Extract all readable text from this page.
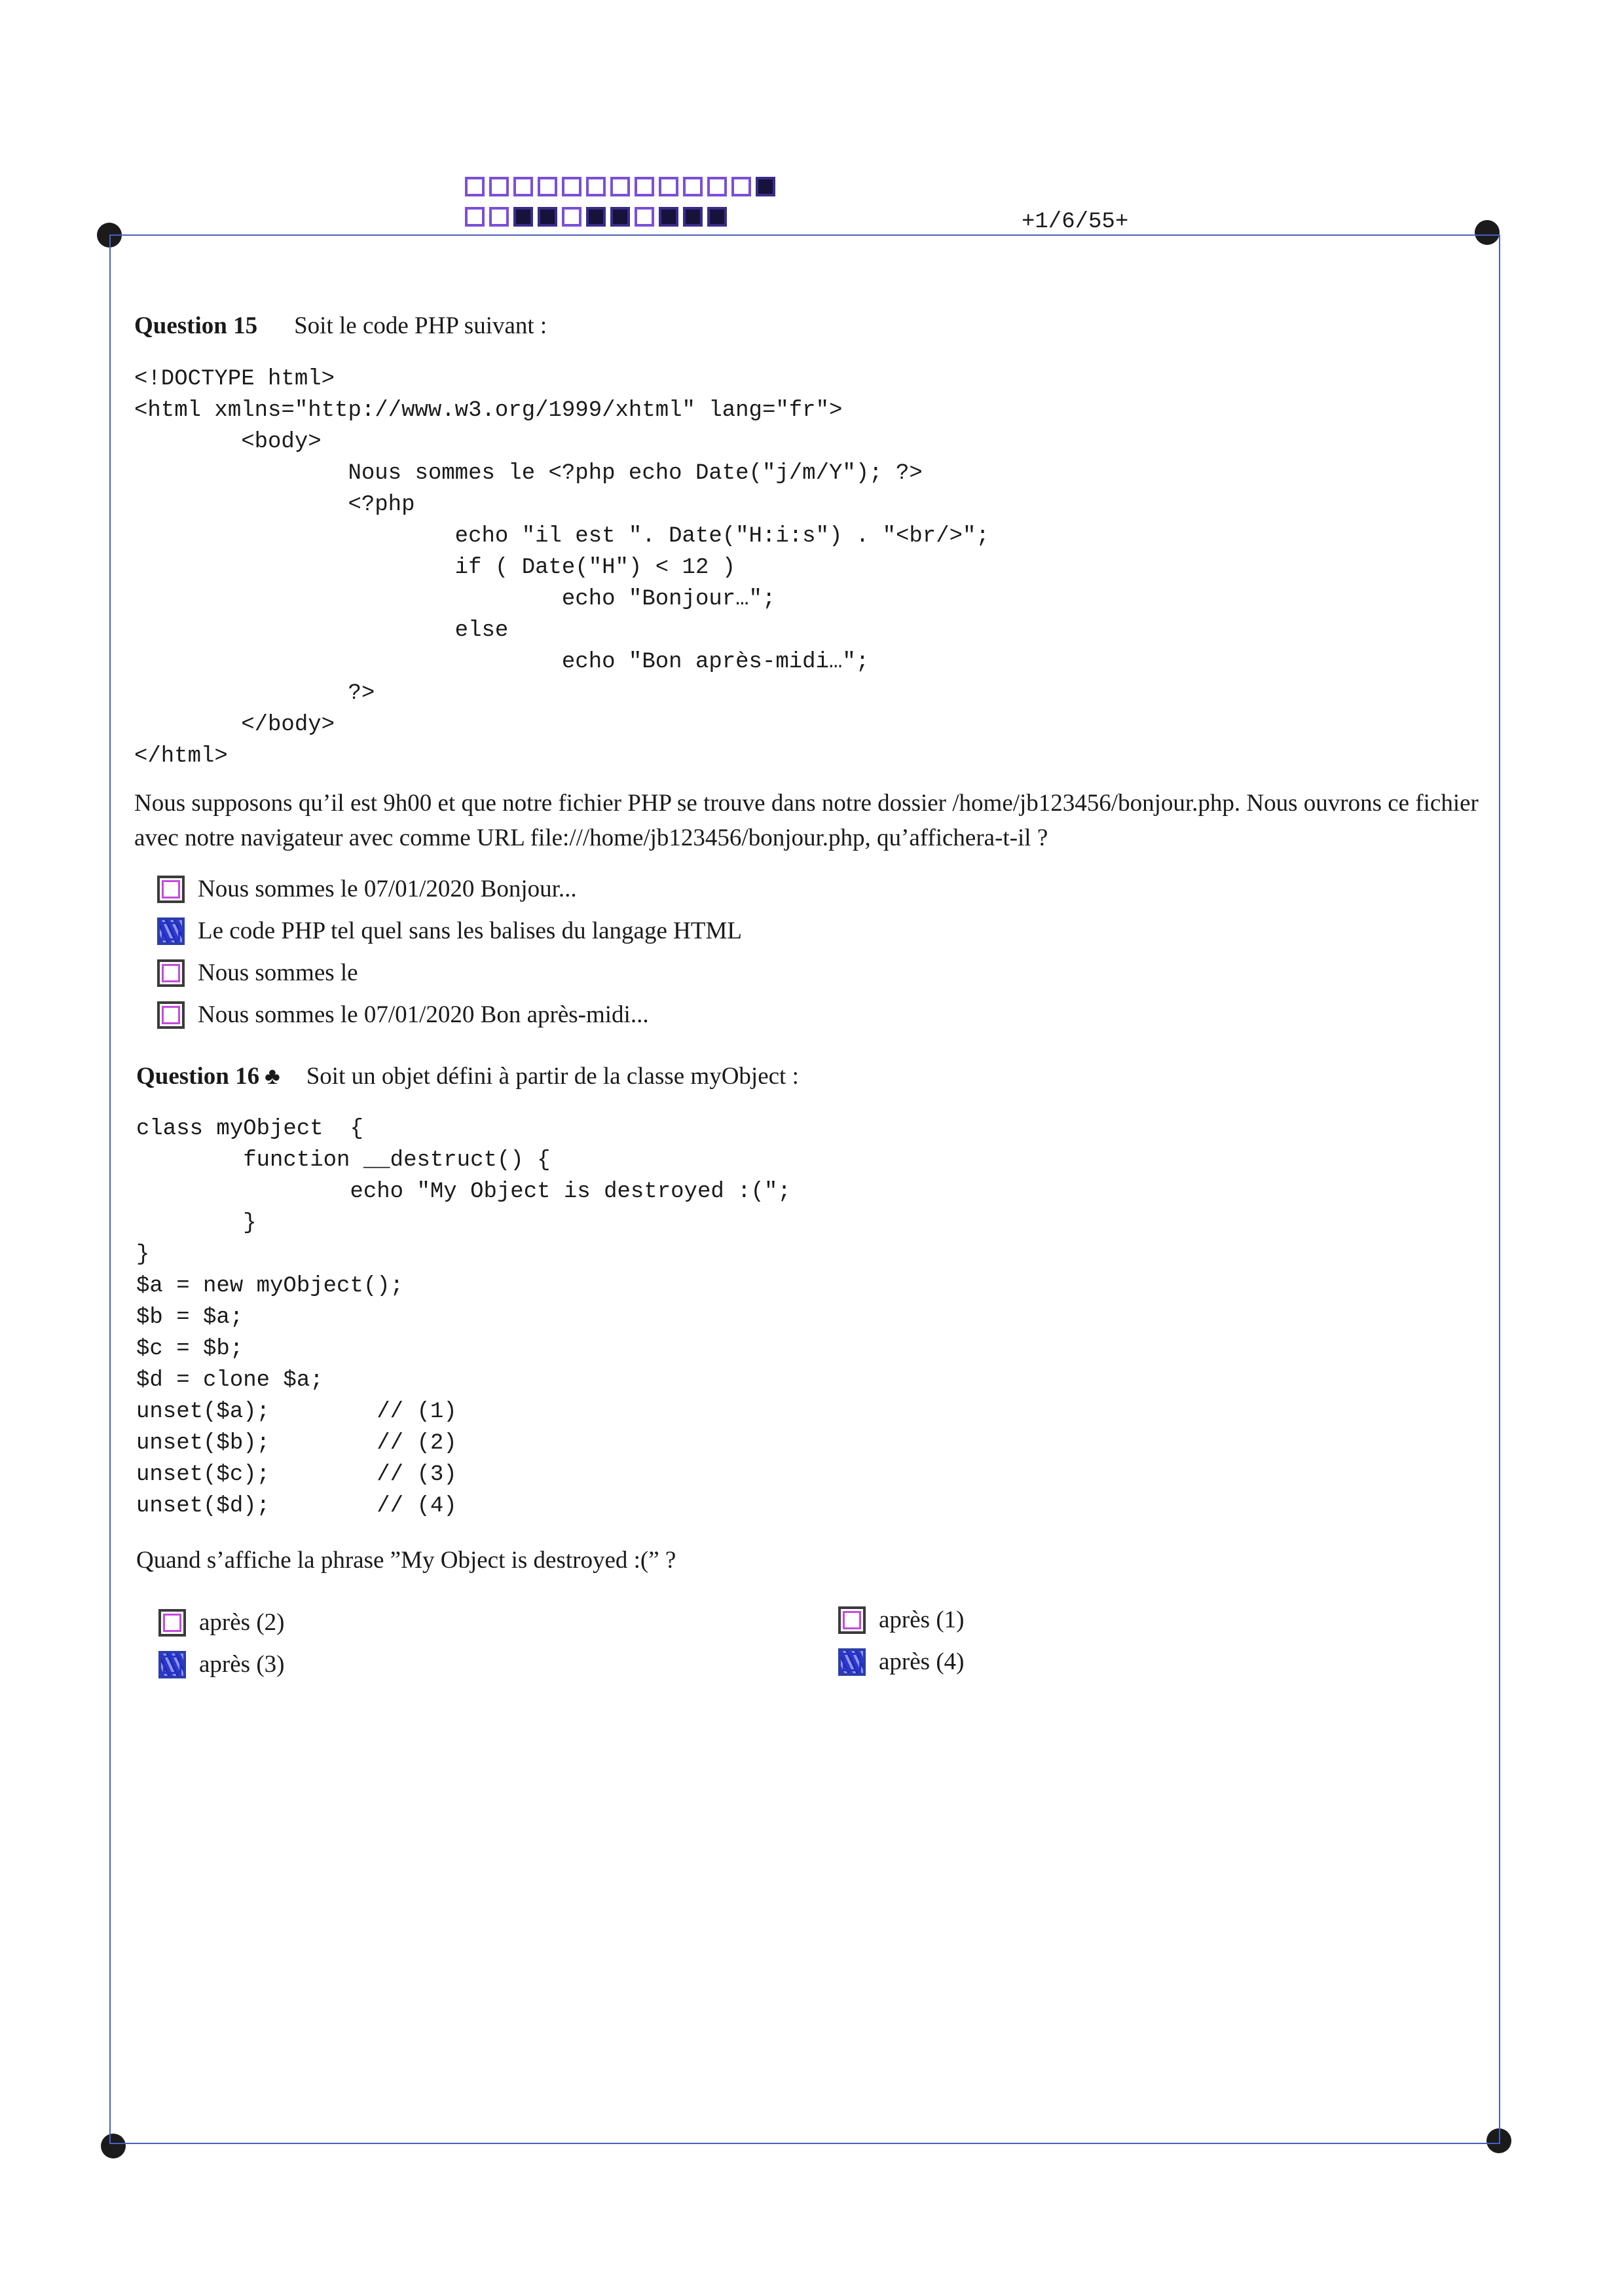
+1/6/55+
Question 15 Soit le code PHP suivant :
<!DOCTYPE html>
<html xmlns="http://www.w3.org/1999/xhtml" lang="fr">
<body>
Nous sommes le <?php echo Date("j/m/Y"); ?>
<?php
echo "il est ". Date("H:i:s") . "<br/>";
if ( Date("H") < 12 )
echo "Bonjour…";
else
echo "Bon après-midi…";
?>
</body>
</html>
Nous supposons qu’il est 9h00 et que notre fichier PHP se trouve dans notre dossier /home/jb123456/bonjour.php. Nous ouvrons ce fichier avec notre navigateur avec comme URL file:///home/jb123456/bonjour.php, qu’affichera-t-il ?
Nous sommes le 07/01/2020 Bonjour...
Le code PHP tel quel sans les balises du langage HTML
Nous sommes le
Nous sommes le 07/01/2020 Bon après-midi...
Question 16 ♣ Soit un objet défini à partir de la classe myObject :
class myObject  {
function __destruct() {
echo "My Object is destroyed :(";
}
}
$a = new myObject();
$b = $a;
$c = $b;
$d = clone $a;
unset($a);        // (1)
unset($b);        // (2)
unset($c);        // (3)
unset($d);        // (4)
Quand s’affiche la phrase ”My Object is destroyed :(” ?
après (2)
après (3)
après (1)
après (4)
